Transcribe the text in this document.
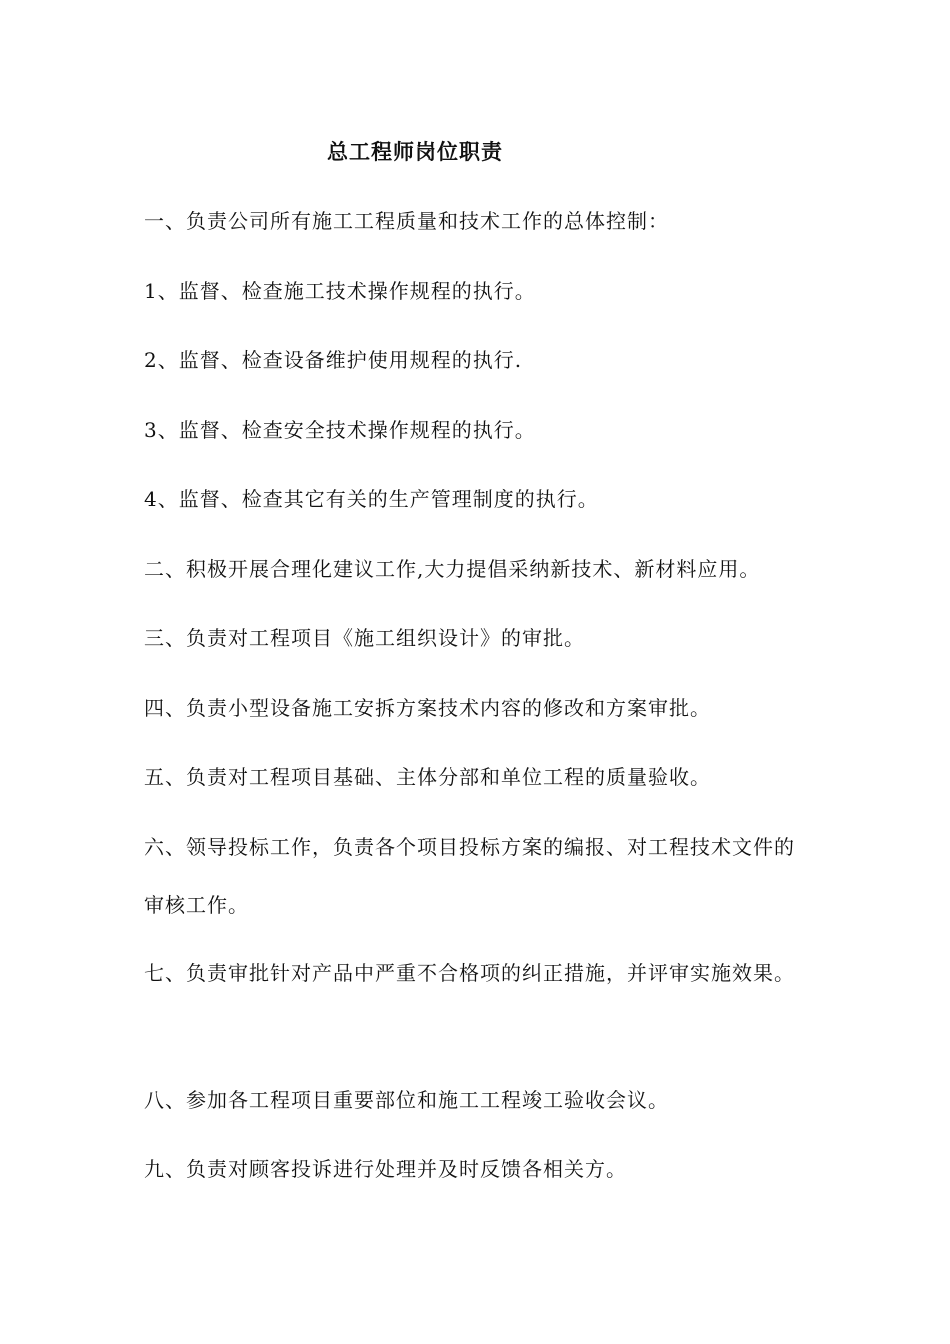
总工程师岗位职责
一、负责公司所有施工工程质量和技术工作的总体控制：
1、监督、检查施工技术操作规程的执行。
2、监督、检查设备维护使用规程的执行.
3、监督、检查安全技术操作规程的执行。
4、监督、检查其它有关的生产管理制度的执行。
二、积极开展合理化建议工作,大力提倡采纳新技术、新材料应用。
三、负责对工程项目《施工组织设计》的审批。
四、负责小型设备施工安拆方案技术内容的修改和方案审批。
五、负责对工程项目基础、主体分部和单位工程的质量验收。
六、领导投标工作，负责各个项目投标方案的编报、对工程技术文件的审核工作。
七、负责审批针对产品中严重不合格项的纠正措施，并评审实施效果。
八、参加各工程项目重要部位和施工工程竣工验收会议。
九、负责对顾客投诉进行处理并及时反馈各相关方。
